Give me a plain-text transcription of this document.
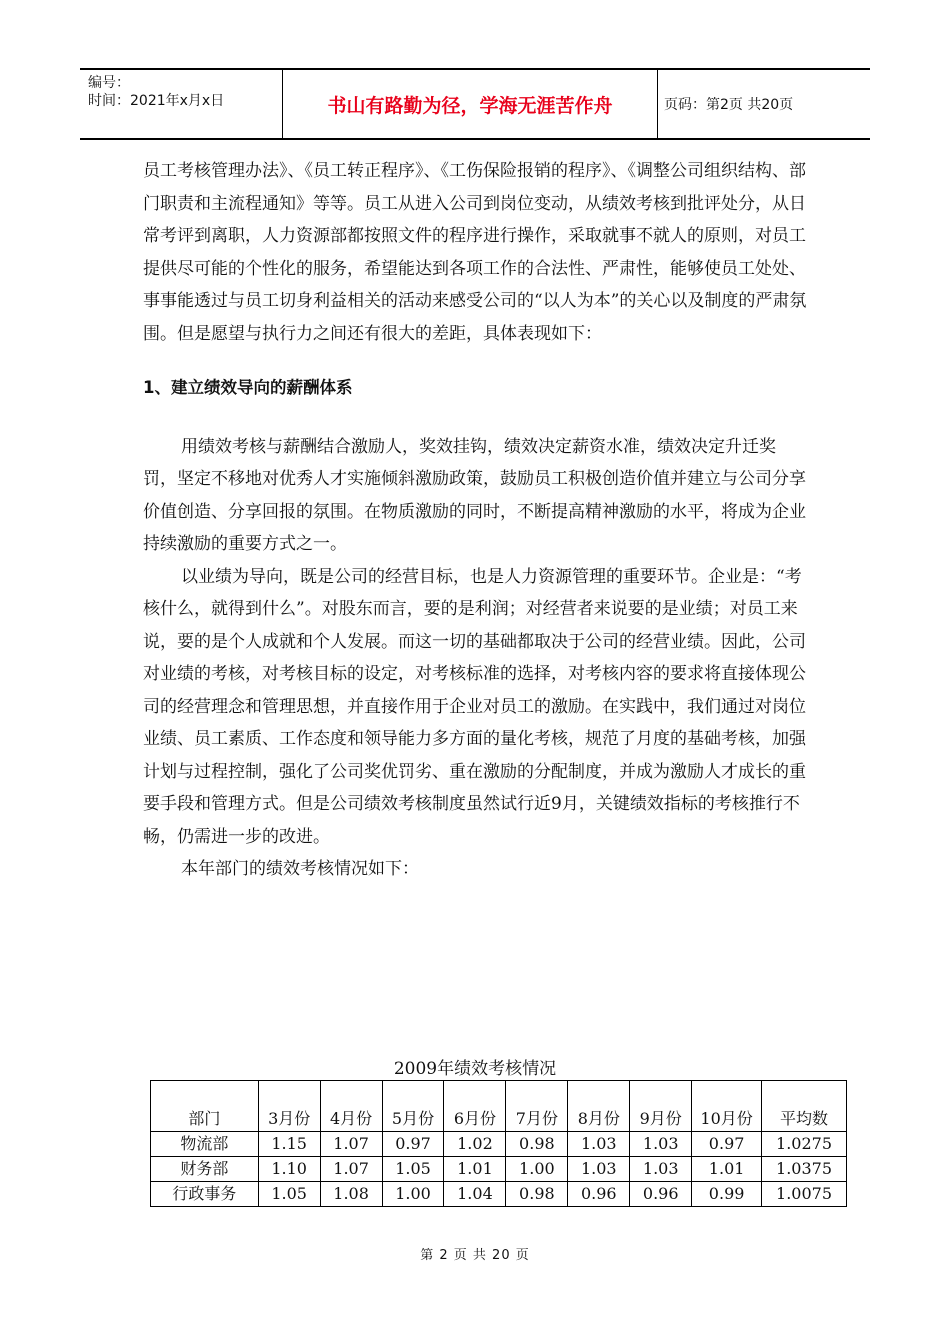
编号：
时间：2021年x月x日	书山有路勤为径，学海无涯苦作舟	页码：第2页 共20页

员工考核管理办法》、《员工转正程序》、《工伤保险报销的程序》、《调整公司组织结构、部门职责和主流程通知》等等。员工从进入公司到岗位变动，从绩效考核到批评处分，从日常考评到离职，人力资源部都按照文件的程序进行操作，采取就事不就人的原则，对员工提供尽可能的个性化的服务，希望能达到各项工作的合法性、严肃性，能够使员工处处、事事能透过与员工切身利益相关的活动来感受公司的“以人为本”的关心以及制度的严肃氛围。但是愿望与执行力之间还有很大的差距，具体表现如下：

1、建立绩效导向的薪酬体系

用绩效考核与薪酬结合激励人，奖效挂钩，绩效决定薪资水准，绩效决定升迁奖罚，坚定不移地对优秀人才实施倾斜激励政策，鼓励员工积极创造价值并建立与公司分享价值创造、分享回报的氛围。在物质激励的同时，不断提高精神激励的水平，将成为企业持续激励的重要方式之一。

以业绩为导向，既是公司的经营目标，也是人力资源管理的重要环节。企业是：“考核什么，就得到什么”。对股东而言，要的是利润；对经营者来说要的是业绩；对员工来说，要的是个人成就和个人发展。而这一切的基础都取决于公司的经营业绩。因此，公司对业绩的考核，对考核目标的设定，对考核标准的选择，对考核内容的要求将直接体现公司的经营理念和管理思想，并直接作用于企业对员工的激励。在实践中，我们通过对岗位业绩、员工素质、工作态度和领导能力多方面的量化考核，规范了月度的基础考核，加强计划与过程控制，强化了公司奖优罚劣、重在激励的分配制度，并成为激励人才成长的重要手段和管理方式。但是公司绩效考核制度虽然试行近9月，关键绩效指标的考核推行不畅，仍需进一步的改进。

本年部门的绩效考核情况如下：

2009年绩效考核情况
部门	3月份	4月份	5月份	6月份	7月份	8月份	9月份	10月份	平均数
物流部	1.15	1.07	0.97	1.02	0.98	1.03	1.03	0.97	1.0275
财务部	1.10	1.07	1.05	1.01	1.00	1.03	1.03	1.01	1.0375
行政事务	1.05	1.08	1.00	1.04	0.98	0.96	0.96	0.99	1.0075
第 2 页 共 20 页
